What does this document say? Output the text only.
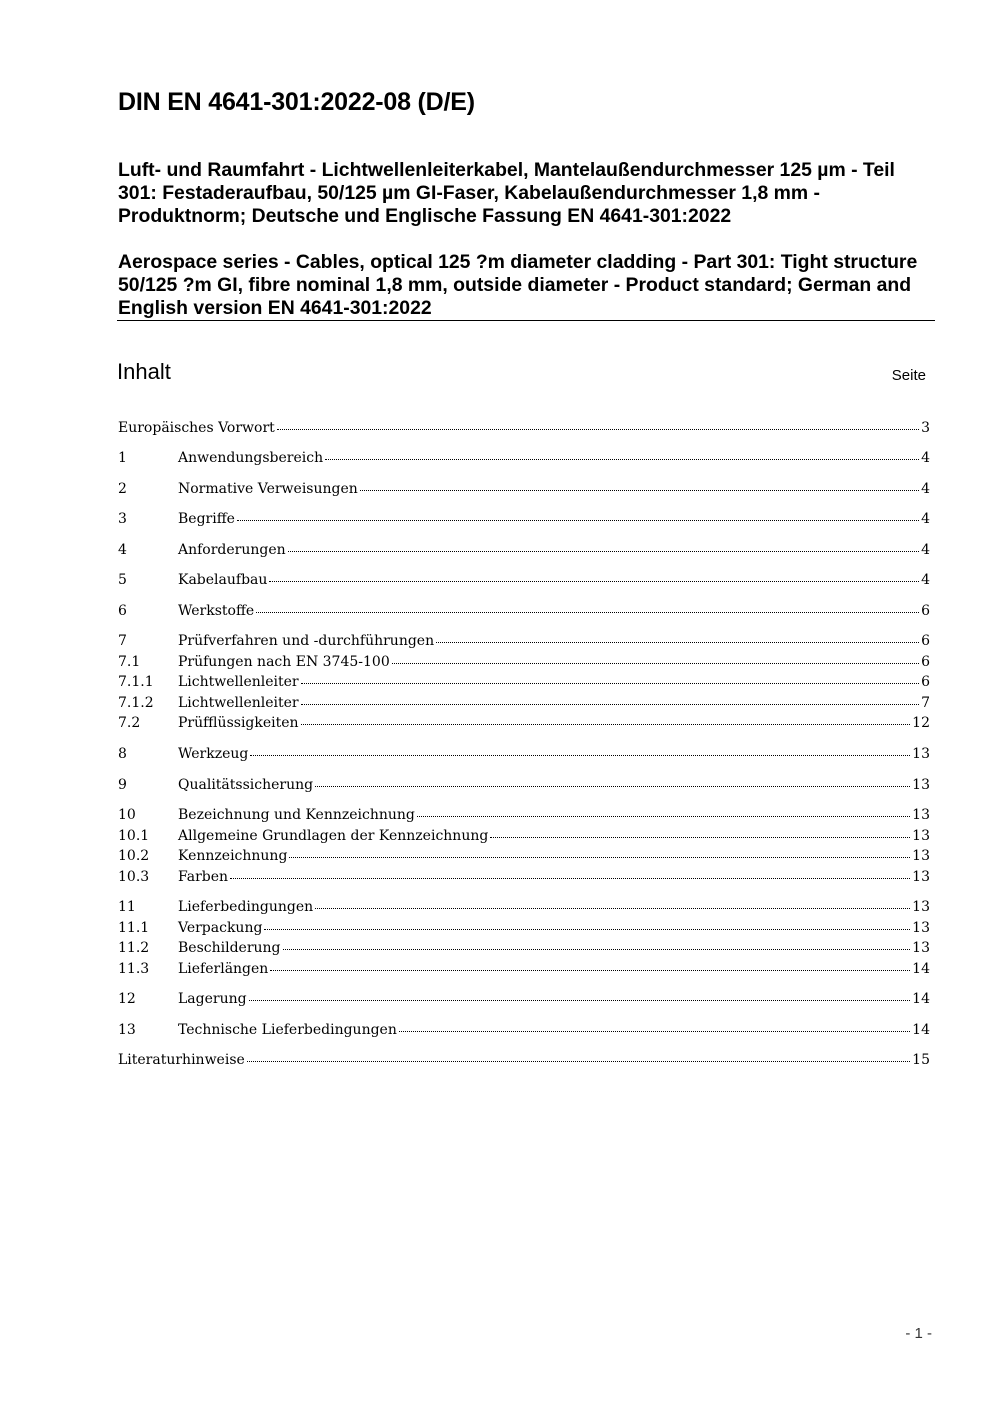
DIN EN 4641-301:2022-08 (D/E)
Luft- und Raumfahrt - Lichtwellenleiterkabel, Mantelaußendurchmesser 125 µm - Teil 301: Festaderaufbau, 50/125 µm GI-Faser, Kabelaußendurchmesser 1,8 mm - Produktnorm; Deutsche und Englische Fassung EN 4641-301:2022
Aerospace series - Cables, optical 125 ?m diameter cladding - Part 301: Tight structure 50/125 ?m GI, fibre nominal 1,8 mm, outside diameter - Product standard; German and English version EN 4641-301:2022
Inhalt	Seite
Europäisches Vorwort	3
1	Anwendungsbereich	4
2	Normative Verweisungen	4
3	Begriffe	4
4	Anforderungen	4
5	Kabelaufbau	4
6	Werkstoffe	6
7	Prüfverfahren und -durchführungen	6
7.1	Prüfungen nach EN 3745-100	6
7.1.1	Lichtwellenleiter	6
7.1.2	Lichtwellenleiter	7
7.2	Prüfflüssigkeiten	12
8	Werkzeug	13
9	Qualitätssicherung	13
10	Bezeichnung und Kennzeichnung	13
10.1	Allgemeine Grundlagen der Kennzeichnung	13
10.2	Kennzeichnung	13
10.3	Farben	13
11	Lieferbedingungen	13
11.1	Verpackung	13
11.2	Beschilderung	13
11.3	Lieferlängen	14
12	Lagerung	14
13	Technische Lieferbedingungen	14
Literaturhinweise	15
- 1 -
